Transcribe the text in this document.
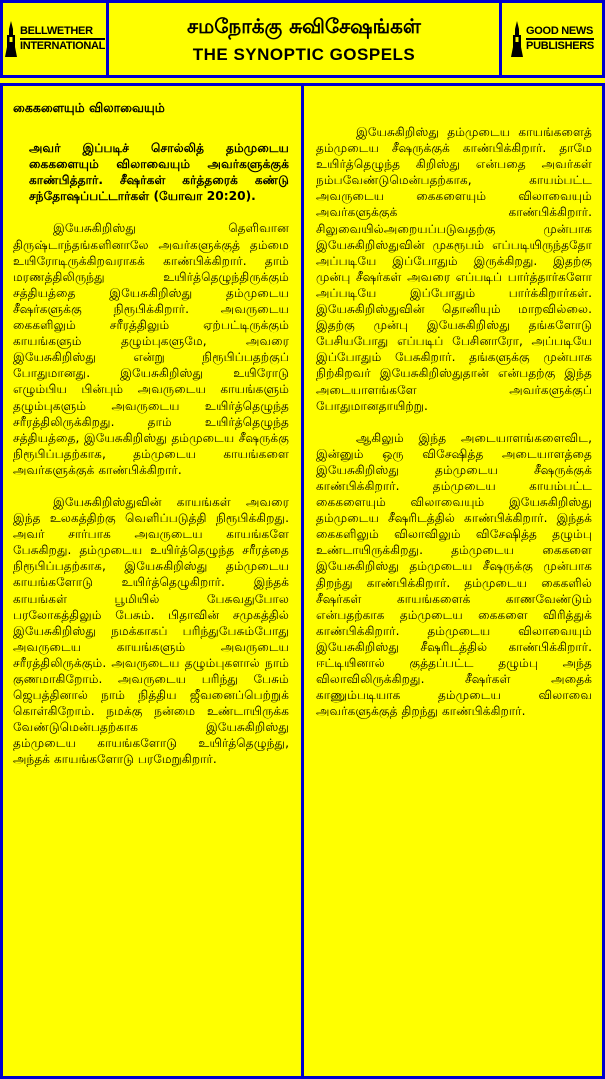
BELLWETHER
INTERNATIONAL
சமநோக்கு சுவிசேஷங்கள்
THE SYNOPTIC GOSPELS
GOOD NEWS
PUBLISHERS
கைகளையும் விலாவையும்
அவர் இப்படிச் சொல்லித் தம்முடைய கைகளையும் விலாவையும் அவர்களுக்குக் காண்பித்தார். சீஷர்கள் கர்த்தரைக் கண்டு சந்தோஷப்பட்டார்கள் (யோவா 20:20).

இயேசுகிறிஸ்து தெளிவான திருஷ்டாந்தங்களினாலே அவர்களுக்குத் தம்மை உயிரோடிருக்கிறவராகக் காண்பிக்கிறார். தாம் மரணத்திலிருந்து உயிர்த்தெழுந்திருக்கும் சத்தியத்தை இயேசுகிறிஸ்து தம்முடைய சீஷர்களுக்கு நிரூபிக்கிறார். அவருடைய கைகளிலும் சரீரத்திலும் ஏற்பட்டிருக்கும் காயங்களும் தழும்புகளுமே, அவரை இயேசுகிறிஸ்து என்று நிரூபிப்பதற்குப் போதுமானது. இயேசுகிறிஸ்து உயிரோடு எழும்பிய பின்பும் அவருடைய காயங்களும் தழும்புகளும் அவருடைய உயிர்த்தெழுந்த சரீரத்திலிருக்கிறது. தாம் உயிர்த்தெழுந்த சத்தியத்தை, இயேசுகிறிஸ்து தம்முடைய சீஷருக்கு நிரூபிப்பதற்காக, தம்முடைய காயங்களை அவர்களுக்குக் காண்பிக்கிறார்.

இயேசுகிறிஸ்துவின் காயங்கள் அவரை இந்த உலகத்திற்கு வெளிப்படுத்தி நிரூபிக்கிறது. அவர் சார்பாக அவருடைய காயங்களே பேசுகிறது. தம்முடைய உயிர்த்தெழுந்த சரீரத்தை நிரூபிப்பதற்காக, இயேசுகிறிஸ்து தம்முடைய காயங்களோடு உயிர்த்தெழுகிறார். இந்தக் காயங்கள் பூமியில் பேசுவதுபோல பரலோகத்திலும் பேசும். பிதாவின் சமுகத்தில் இயேசுகிறிஸ்து நமக்காகப் பரிந்துபேசும்போது அவருடைய காயங்களும் அவருடைய சரீரத்திலிருக்கும். அவருடைய தழும்புகளால் நாம் குணமாகிறோம். அவருடைய பரிந்து பேசும் ஜெபத்தினால் நாம் நித்திய ஜீவனைப்பெற்றுக் கொள்கிறோம். நமக்கு நன்மை உண்டாயிருக்க வேண்டுமென்பதற்காக இயேசுகிறிஸ்து தம்முடைய காயங்களோடு உயிர்த்தெழுந்து, அந்தக் காயங்களோடு பரமேறுகிறார்.

இயேசுகிறிஸ்து தம்முடைய காயங்களைத் தம்முடைய சீஷருக்குக் காண்பிக்கிறார். தாமே உயிர்த்தெழுந்த கிறிஸ்து என்பதை அவர்கள் நம்பவேண்டுமென்பதற்காக, காயம்பட்ட அவருடைய கைகளையும் விலாவையும் அவர்களுக்குக் காண்பிக்கிறார். சிலுவையில்அறையப்படுவதற்கு முன்பாக இயேசுகிறிஸ்துவின் முகரூபம் எப்படியிருந்ததோ அப்படியே இப்போதும் இருக்கிறது. இதற்கு முன்பு சீஷர்கள் அவரை எப்படிப் பார்த்தார்களோ அப்படியே இப்போதும் பார்க்கிறார்கள். இயேசுகிறிஸ்துவின் தொனியும் மாறவில்லை. இதற்கு முன்பு இயேசுகிறிஸ்து தங்களோடு பேசியபோது எப்படிப் பேசினாரோ, அப்படியே இப்போதும் பேசுகிறார். தங்களுக்கு முன்பாக நிற்கிறவர் இயேசுகிறிஸ்துதான் என்பதற்கு இந்த அடையாளங்களே அவர்களுக்குப் போதுமானதாயிற்று.

ஆகிலும் இந்த அடையாளங்களைவிட, இன்னும் ஒரு விசேஷித்த அடையாளத்தை இயேசுகிறிஸ்து தம்முடைய சீஷருக்குக் காண்பிக்கிறார். தம்முடைய காயம்பட்ட கைகளையும் விலாவையும் இயேசுகிறிஸ்து தம்முடைய சீஷரிடத்தில் காண்பிக்கிறார். இந்தக் கைகளிலும் விலாவிலும் விசேஷித்த தழும்பு உண்டாயிருக்கிறது. தம்முடைய கைகளை இயேசுகிறிஸ்து தம்முடைய சீஷருக்கு முன்பாக திறந்து காண்பிக்கிறார். தம்முடைய கைகளில் சீஷர்கள் காயங்களைக் காணவேண்டும் என்பதற்காக தம்முடைய கைகளை விரித்துக் காண்பிக்கிறார். தம்முடைய விலாவையும் இயேசுகிறிஸ்து சீஷரிடத்தில் காண்பிக்கிறார். ஈட்டியினால் குத்தப்பட்ட தழும்பு அந்த விலாவிலிருக்கிறது. சீஷர்கள் அதைக் காணும்படியாக தம்முடைய விலாவை அவர்களுக்குத் திறந்து காண்பிக்கிறார்.
